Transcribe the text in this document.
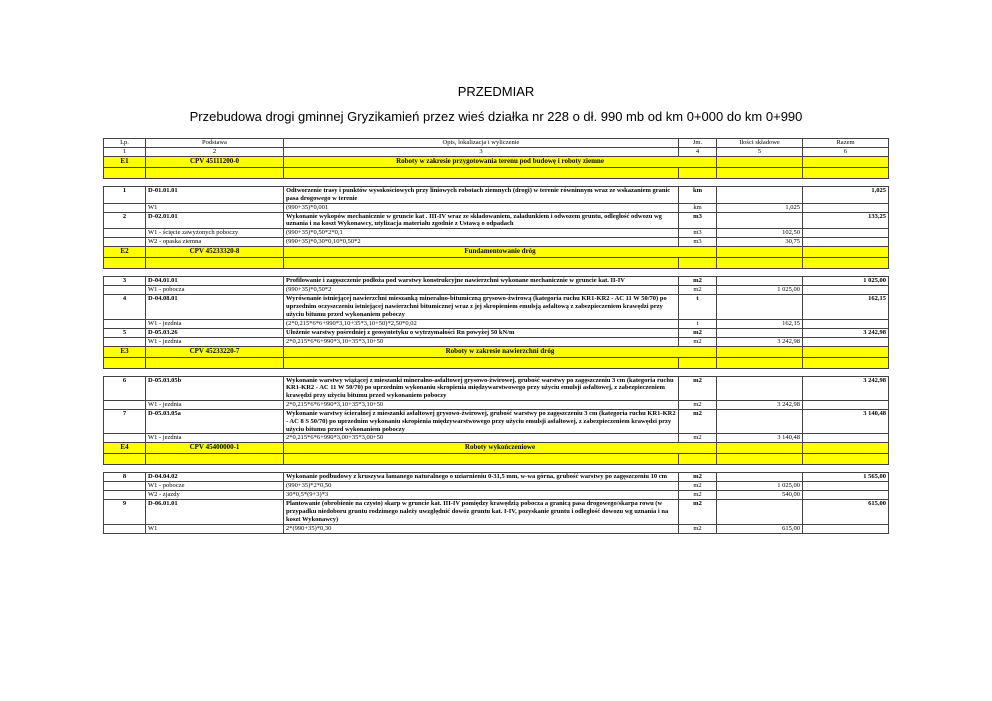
PRZEDMIAR
Przebudowa drogi gminnej Gryzikamień przez wieś działka nr 228 o dł. 990 mb od km 0+000 do km 0+990
Lp.	Podstawa	Opis, lokalizacja i wyliczenie	Jm.	Ilości składowe	Razem
1	2	3	4	5	6
E1	CPV 45111200-0	Roboty w zakresie przygotowania terenu pod budowę i roboty ziemne			

1	D-01.01.01	Odtworzenie trasy i punktów wysokościowych przy liniowych robotach ziemnych (drogi) w terenie równinnym wraz ze wskazaniem granic pasa drogowego w terenie	km		1,025
	W1	(990+35)*0,001	km	1,025	
2	D-02.01.01	Wykonanie wykopów mechanicznie w gruncie kat . III-IV wraz ze składowaniem, załadunkiem i odwozem gruntu, odległość odwozu wg uznania i na koszt Wykonawcy, utylizacja materiału zgodnie z Ustawą o odpadach	m3		133,25
	W1 - ścięcie zawyżonych poboczy	(990+35)*0,50*2*0,1	m3	102,50	
	W2 - opaska ziemna	(990+35)*0,30*0,10*0,50*2	m3	30,75	
E2	CPV 45233320-8	Fundamentowanie dróg			

3	D-04.01.01	Profilowanie i zagęszczenie podłoża pod warstwy konstrukcyjne nawierzchni wykonane mechanicznie w gruncie kat. II-IV	m2		1 025,00
	W1 - pobocza	(990+35)*0,50*2	m2	1 025,00	
4	D-04.08.01	Wyrównanie istniejącej nawierzchni mieszanką mineralno-bitumiczną grysowo-żwirową (kategoria ruchu KR1-KR2 - AC 11 W 50/70) po uprzednim oczyszczeniu istniejącej nawierzchni bitumicznej wraz z jej skropieniem emulsją asfaltową z zabezpieczeniem krawędzi przy użyciu bitumu przed wykonaniem poboczy	t		162,15
	W1 - jezdnia	(2*0,215*6*6+990*3,10+35*3,10+50)*2,50*0,02	t	162,15	
5	D-05.03.26	Ułożenie warstwy pośredniej z geosyntetyku o wytrzymałości Rn powyżej 50 kN/m	m2		3 242,98
	W1 - jezdnia	2*0,215*6*6+990*3,10+35*3,10+50	m2	3 242,98	
E3	CPV 45233220-7	Roboty w zakresie nawierzchni dróg			

6	D-05.03.05b	Wykonanie warstwy wiążącej z mieszanki mineralno-asfaltowej grysowo-żwirowej, grubość warstwy po zagęszczeniu 3 cm (kategoria ruchu KR1-KR2 - AC 11 W 50/70) po uprzednim wykonaniu skropienia międzywarstwowego przy użyciu emulsji asfaltowej, z zabezpieczeniem krawędzi przy użyciu bitumu przed wykonaniem poboczy	m2		3 242,98
	W1 - jezdnia	2*0,215*6*6+990*3,10+35*3,10+50	m2	3 242,98	
7	D-05.03.05a	Wykonanie warstwy ścieralnej z mieszanki asfaltowej grysowo-żwirowej, grubość warstwy po zagęszczeniu 3 cm (kategoria ruchu KR1-KR2 - AC 8 S 50/70) po uprzednim wykonaniu skropienia międzywarstwowego przy użyciu emulsji asfaltowej, z zabezpieczeniem krawędzi przy użyciu bitumu przed wykonaniem poboczy	m2		3 140,48
	W1 - jezdnia	2*0,215*6*6+990*3,00+35*3,00+50	m2	3 140,48	
E4	CPV 45400000-1	Roboty wykończeniowe			

8	D-04.04.02	Wykonanie podbudowy z kruszywa łamanego naturalnego o uziarnieniu 0-31,5 mm, w-wa górna, grubość warstwy po zagęszczeniu 10 cm	m2		1 565,00
	W1 - pobocze	(990+35)*2*0,50	m2	1 025,00	
	W2 - zjazdy	30*0,5*(9+3)*3	m2	540,00	
9	D-06.01.01	Plantowanie (obrobienie na czysto) skarp w gruncie kat. III-IV pomiędzy krawędzią pobocza a granicą pasa drogowego/skarpa rowu (w przypadku niedoboru gruntu rodzimego należy uwzględnić dowóz gruntu kat. I-IV, pozyskanie gruntu i odległość dowozu wg uznania i na koszt Wykonawcy)	m2		615,00
	W1	2*(990+35)*0,30	m2	615,00	
